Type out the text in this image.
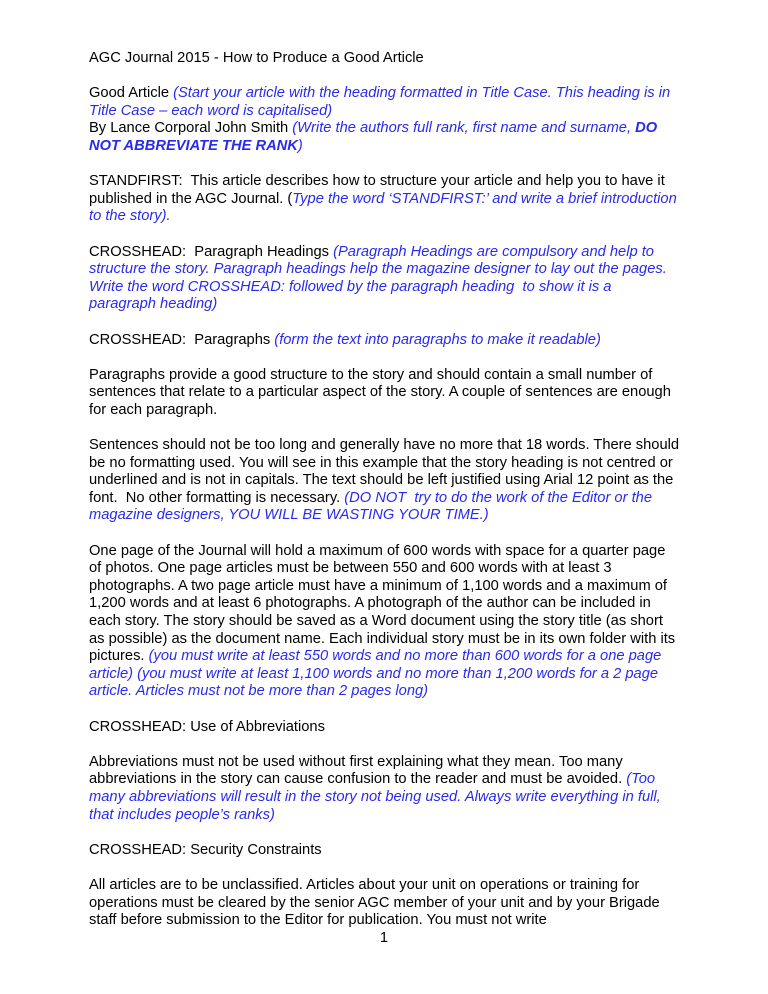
AGC Journal 2015 - How to Produce a Good Article

Good Article (Start your article with the heading formatted in Title Case. This heading is in Title Case – each word is capitalised)

By Lance Corporal John Smith (Write the authors full rank, first name and surname, DO NOT ABBREVIATE THE RANK)

STANDFIRST:  This article describes how to structure your article and help you to have it published in the AGC Journal. (Type the word ‘STANDFIRST:’ and write a brief introduction to the story).

CROSSHEAD:  Paragraph Headings (Paragraph Headings are compulsory and help to structure the story. Paragraph headings help the magazine designer to lay out the pages.  Write the word CROSSHEAD: followed by the paragraph heading  to show it is a paragraph heading)

CROSSHEAD:  Paragraphs (form the text into paragraphs to make it readable)

Paragraphs provide a good structure to the story and should contain a small number of sentences that relate to a particular aspect of the story. A couple of sentences are enough for each paragraph.

Sentences should not be too long and generally have no more that 18 words. There should be no formatting used. You will see in this example that the story heading is not centred or underlined and is not in capitals. The text should be left justified using Arial 12 point as the font.  No other formatting is necessary. (DO NOT  try to do the work of the Editor or the magazine designers, YOU WILL BE WASTING YOUR TIME.)

One page of the Journal will hold a maximum of 600 words with space for a quarter page of photos. One page articles must be between 550 and 600 words with at least 3 photographs. A two page article must have a minimum of 1,100 words and a maximum of 1,200 words and at least 6 photographs. A photograph of the author can be included in each story. The story should be saved as a Word document using the story title (as short as possible) as the document name. Each individual story must be in its own folder with its pictures. (you must write at least 550 words and no more than 600 words for a one page article) (you must write at least 1,100 words and no more than 1,200 words for a 2 page article. Articles must not be more than 2 pages long)

CROSSHEAD: Use of Abbreviations

Abbreviations must not be used without first explaining what they mean. Too many abbreviations in the story can cause confusion to the reader and must be avoided. (Too many abbreviations will result in the story not being used. Always write everything in full, that includes people’s ranks)

CROSSHEAD: Security Constraints

All articles are to be unclassified. Articles about your unit on operations or training for operations must be cleared by the senior AGC member of your unit and by your Brigade staff before submission to the Editor for publication. You must not write

1
